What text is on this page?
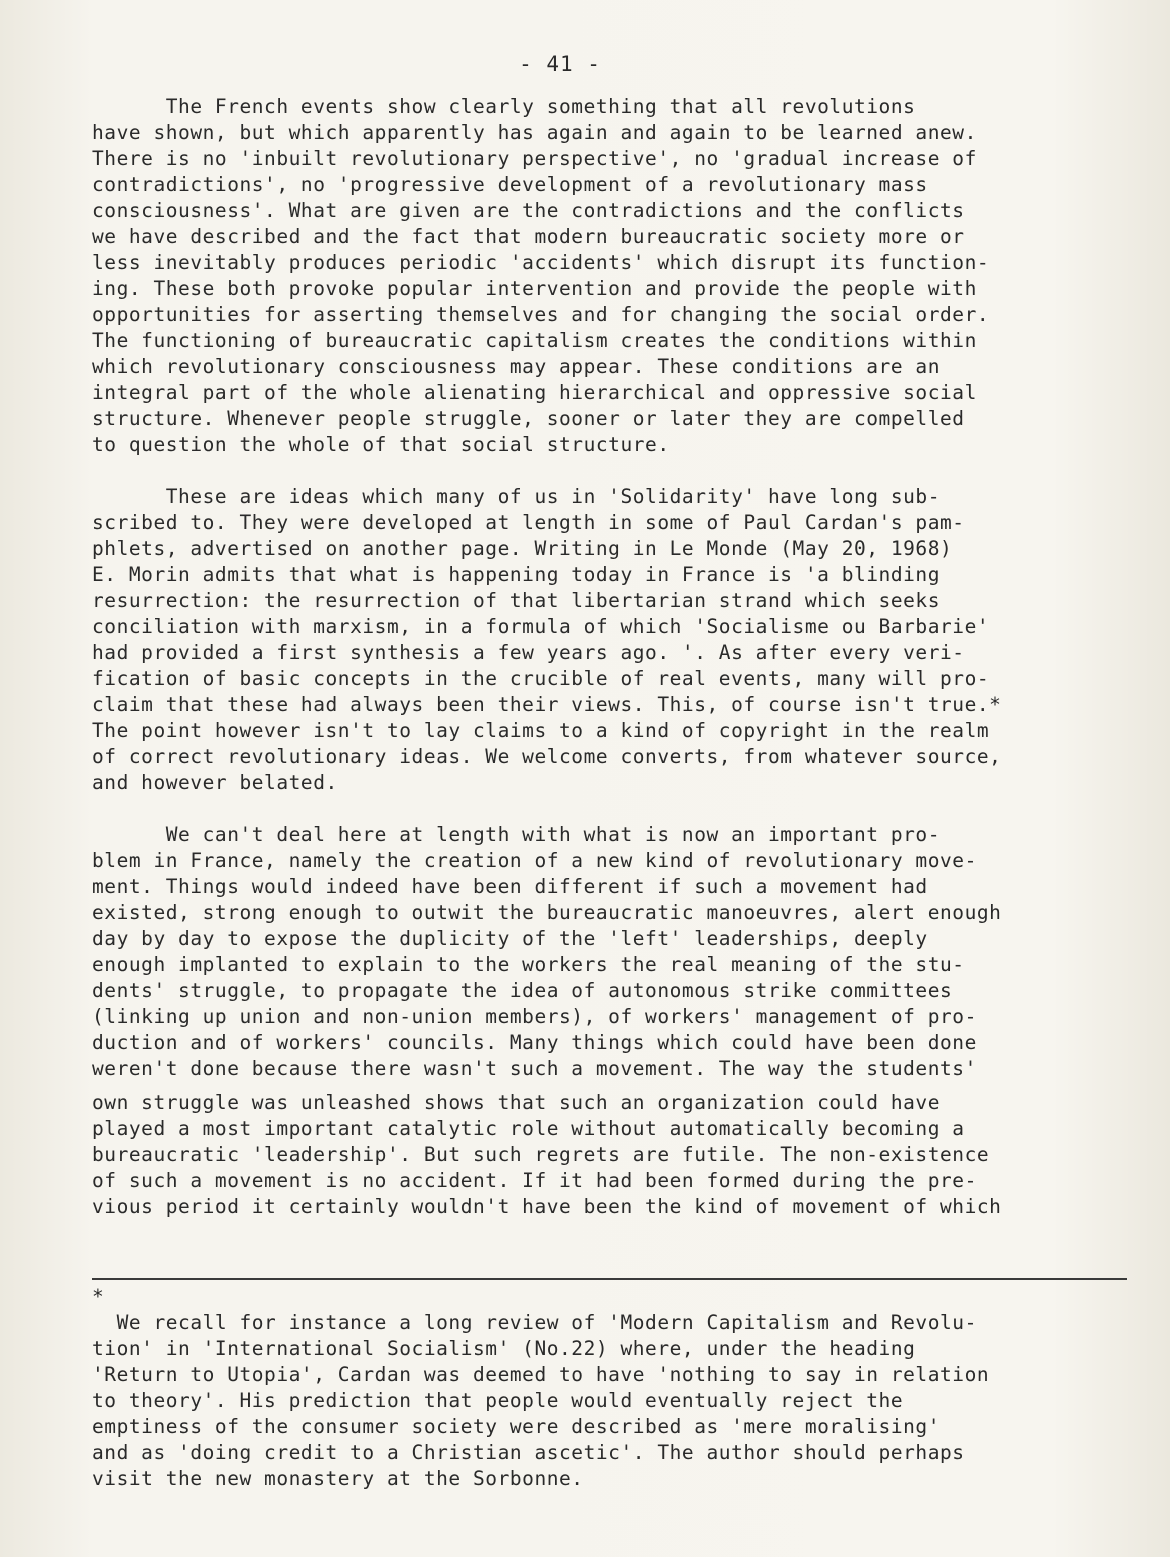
- 41 -
The French events show clearly something that all revolutions
have shown, but which apparently has again and again to be learned anew.
There is no 'inbuilt revolutionary perspective', no 'gradual increase of
contradictions', no 'progressive development of a revolutionary mass
consciousness'. What are given are the contradictions and the conflicts
we have described and the fact that modern bureaucratic society more or
less inevitably produces periodic 'accidents' which disrupt its function-
ing. These both provoke popular intervention and provide the people with
opportunities for asserting themselves and for changing the social order.
The functioning of bureaucratic capitalism creates the conditions within
which revolutionary consciousness may appear. These conditions are an
integral part of the whole alienating hierarchical and oppressive social
structure. Whenever people struggle, sooner or later they are compelled
to question the whole of that social structure.
These are ideas which many of us in 'Solidarity' have long sub-
scribed to. They were developed at length in some of Paul Cardan's pam-
phlets, advertised on another page. Writing in Le Monde (May 20, 1968)
E. Morin admits that what is happening today in France is 'a blinding
resurrection: the resurrection of that libertarian strand which seeks
conciliation with marxism, in a formula of which 'Socialisme ou Barbarie'
had provided a first synthesis a few years ago. '. As after every veri-
fication of basic concepts in the crucible of real events, many will pro-
claim that these had always been their views. This, of course isn't true.*
The point however isn't to lay claims to a kind of copyright in the realm
of correct revolutionary ideas. We welcome converts, from whatever source,
and however belated.
We can't deal here at length with what is now an important pro-
blem in France, namely the creation of a new kind of revolutionary move-
ment. Things would indeed have been different if such a movement had
existed, strong enough to outwit the bureaucratic manoeuvres, alert enough
day by day to expose the duplicity of the 'left' leaderships, deeply
enough implanted to explain to the workers the real meaning of the stu-
dents' struggle, to propagate the idea of autonomous strike committees
(linking up union and non-union members), of workers' management of pro-
duction and of workers' councils. Many things which could have been done
weren't done because there wasn't such a movement. The way the students'
own struggle was unleashed shows that such an organization could have
played a most important catalytic role without automatically becoming a
bureaucratic 'leadership'. But such regrets are futile. The non-existence
of such a movement is no accident. If it had been formed during the pre-
vious period it certainly wouldn't have been the kind of movement of which
*
We recall for instance a long review of 'Modern Capitalism and Revolu-
tion' in 'International Socialism' (No.22) where, under the heading
'Return to Utopia', Cardan was deemed to have 'nothing to say in relation
to theory'. His prediction that people would eventually reject the
emptiness of the consumer society were described as 'mere moralising'
and as 'doing credit to a Christian ascetic'. The author should perhaps
visit the new monastery at the Sorbonne.
